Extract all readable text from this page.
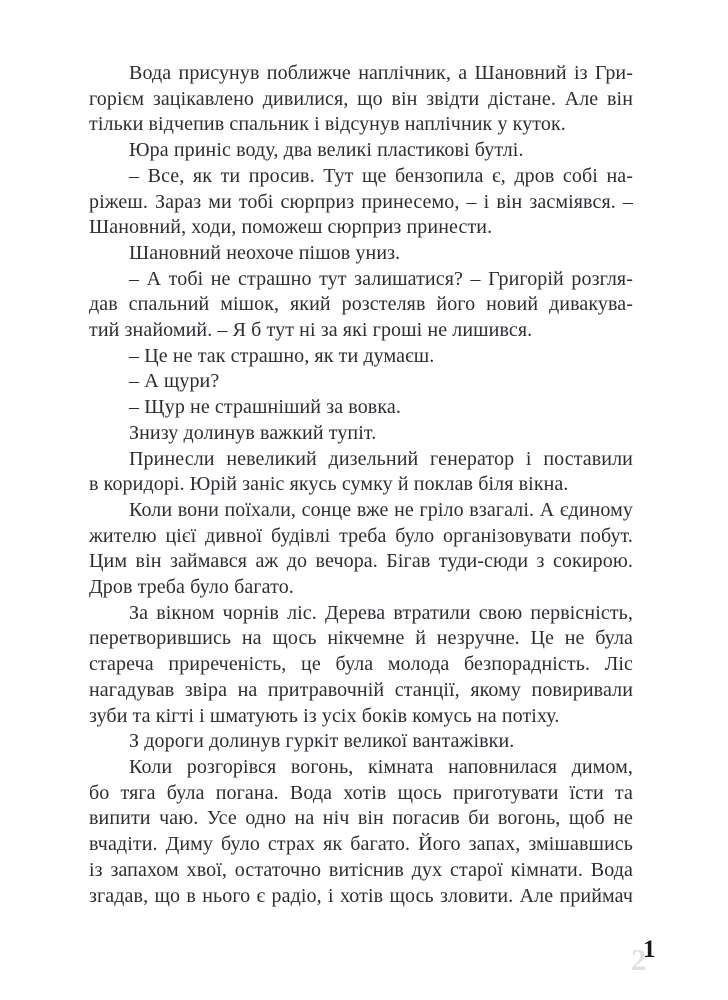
Вода присунув поближче наплічник, а Шановний із Гри-
горієм зацікавлено дивилися, що він звідти дістане. Але він
тільки відчепив спальник і відсунув наплічник у куток.

Юра приніс воду, два великі пластикові бутлі.

– Все, як ти просив. Тут ще бензопила є, дров собі на-
ріжеш. Зараз ми тобі сюрприз принесемо, – і він засміявся. –
Шановний, ходи, поможеш сюрприз принести.

Шановний неохоче пішов униз.

– А тобі не страшно тут залишатися? – Григорій розгля-
дав спальний мішок, який розстеляв його новий дивакува-
тий знайомий. – Я б тут ні за які гроші не лишився.

– Це не так страшно, як ти думаєш.

– А щури?

– Щур не страшніший за вовка.

Знизу долинув важкий тупіт.

Принесли невеликий дизельний генератор і поставили
в коридорі. Юрій заніс якусь сумку й поклав біля вікна.

Коли вони поїхали, сонце вже не гріло взагалі. А єдиному
жителю цієї дивної будівлі треба було організовувати побут.
Цим він займався аж до вечора. Бігав туди-сюди з сокирою.
Дров треба було багато.

За вікном чорнів ліс. Дерева втратили свою первісність,
перетворившись на щось нікчемне й незручне. Це не була
стареча приреченість, це була молода безпорадність. Ліс
нагадував звіра на притравочній станції, якому повиривали
зуби та кігті і шматують із усіх боків комусь на потіху.

З дороги долинув гуркіт великої вантажівки.

Коли розгорівся вогонь, кімната наповнилася димом,
бо тяга була погана. Вода хотів щось приготувати їсти та
випити чаю. Усе одно на ніч він погасив би вогонь, щоб не
вчадіти. Диму було страх як багато. Його запах, змішавшись
із запахом хвої, остаточно витіснив дух старої кімнати. Вода
згадав, що в нього є радіо, і хотів щось зловити. Але приймач

2
1
